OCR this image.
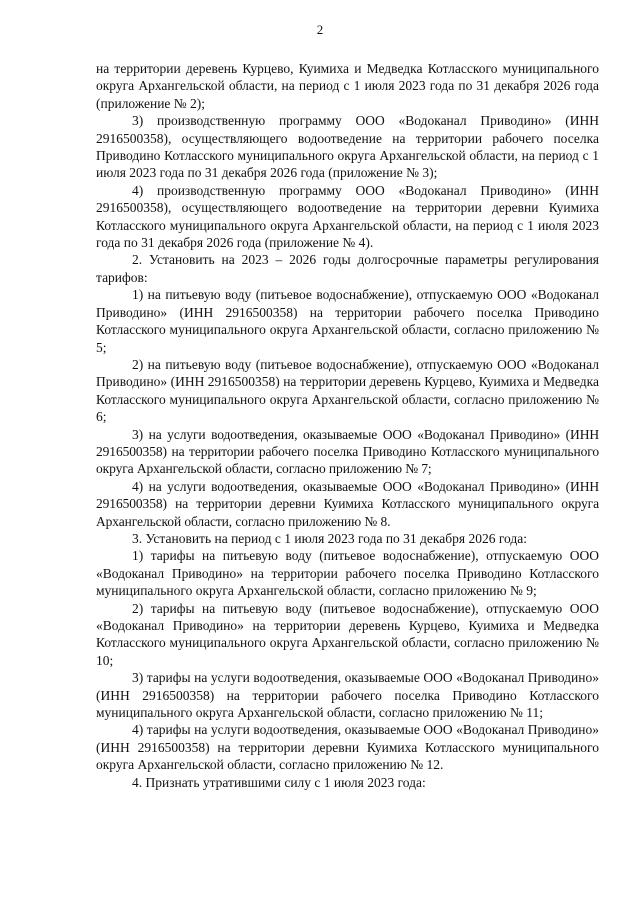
2

на территории деревень Курцево, Куимиха и Медведка Котласского муниципального округа Архангельской области, на период с 1 июля 2023 года по 31 декабря 2026 года (приложение № 2);

3) производственную программу ООО «Водоканал Приводино» (ИНН 2916500358), осуществляющего водоотведение на территории рабочего поселка Приводино Котласского муниципального округа Архангельской области, на период с 1 июля 2023 года по 31 декабря 2026 года (приложение № 3);

4) производственную программу ООО «Водоканал Приводино» (ИНН 2916500358), осуществляющего водоотведение на территории деревни Куимиха Котласского муниципального округа Архангельской области, на период с 1 июля 2023 года по 31 декабря 2026 года (приложение № 4).

2. Установить на 2023 – 2026 годы долгосрочные параметры регулирования тарифов:

1) на питьевую воду (питьевое водоснабжение), отпускаемую ООО «Водоканал Приводино» (ИНН 2916500358) на территории рабочего поселка Приводино Котласского муниципального округа Архангельской области, согласно приложению № 5;

2) на питьевую воду (питьевое водоснабжение), отпускаемую ООО «Водоканал Приводино» (ИНН 2916500358) на территории деревень Курцево, Куимиха и Медведка Котласского муниципального округа Архангельской области, согласно приложению № 6;

3) на услуги водоотведения, оказываемые ООО «Водоканал Приводино» (ИНН 2916500358) на территории рабочего поселка Приводино Котласского муниципального округа Архангельской области, согласно приложению № 7;

4) на услуги водоотведения, оказываемые ООО «Водоканал Приводино» (ИНН 2916500358) на территории деревни Куимиха Котласского муниципального округа Архангельской области, согласно приложению № 8.

3. Установить на период с 1 июля 2023 года по 31 декабря 2026 года:

1) тарифы на питьевую воду (питьевое водоснабжение), отпускаемую ООО «Водоканал Приводино» на территории рабочего поселка Приводино Котласского муниципального округа Архангельской области, согласно приложению № 9;

2) тарифы на питьевую воду (питьевое водоснабжение), отпускаемую ООО «Водоканал Приводино» на территории деревень Курцево, Куимиха и Медведка Котласского муниципального округа Архангельской области, согласно приложению № 10;

3) тарифы на услуги водоотведения, оказываемые ООО «Водоканал Приводино» (ИНН 2916500358) на территории рабочего поселка Приводино Котласского муниципального округа Архангельской области, согласно приложению № 11;

4) тарифы на услуги водоотведения, оказываемые ООО «Водоканал Приводино» (ИНН 2916500358) на территории деревни Куимиха Котласского муниципального округа Архангельской области, согласно приложению № 12.

4. Признать утратившими силу с 1 июля 2023 года:
